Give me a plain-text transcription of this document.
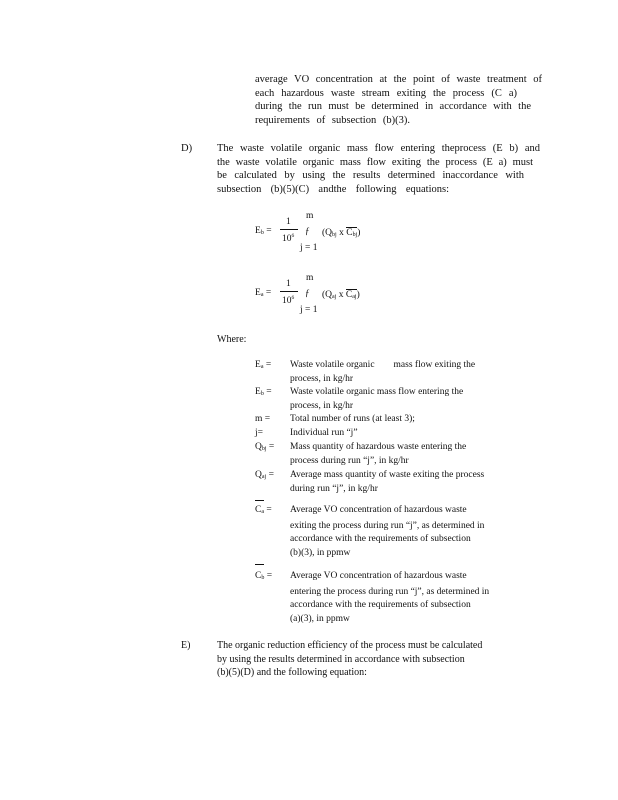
average VO concentration at the point of waste treatment of
each hazardous waste stream exiting the process (C a)
during the run must be determined in accordance with the
requirements of subsection (b)(3).
D) The waste volatile organic mass flow entering theprocess (E b) and
the waste volatile organic mass flow exiting the process (E a) must
be calculated by using the results determined inaccordance with
subsection (b)(5)(C) andthe following equations:
m
1
Eb =
$10^6$ ƒ (Qbj x Cbj)
j = 1
m
1
Ea =
$10^6$ ƒ (Qaj x Caj)
j = 1
Where:
Ea = Waste volatile organic        mass flow exiting the
process, in kg/hr
Eb = Waste volatile organic mass flow entering the
process, in kg/hr
m = Total number of runs (at least 3);
j=	Individual run “j”
Qbj = Mass quantity of hazardous waste entering the
process during run “j”, in kg/hr
Qaj = Average mass quantity of waste exiting the process
during run “j”, in kg/hr
Ca = Average VO concentration of hazardous waste
exiting the process during run “j”, as determined in
accordance with the requirements of subsection
(b)(3), in ppmw
Cb = Average VO concentration of hazardous waste
entering the process during run “j”, as determined in
accordance with the requirements of subsection
(a)(3), in ppmw
E)	The organic reduction efficiency of the process must be calculated
by using the results determined in accordance with subsection
(b)(5)(D) and the following equation:
